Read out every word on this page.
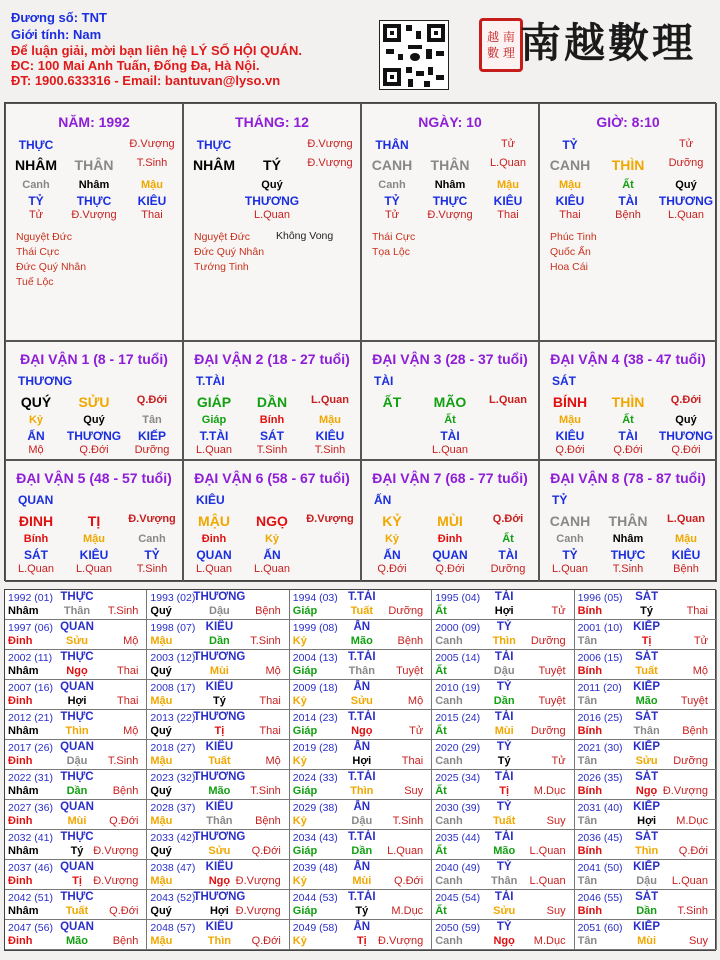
Đương số: TNT
Giới tính: Nam
Để luận giải, mời bạn liên hệ LÝ SỐ HỘI QUÁN.
ĐC: 100 Mai Anh Tuấn, Đống Đa, Hà Nội.
ĐT: 1900.633316 - Email: bantuvan@lyso.vn
越 南
數 理 南越數理
NĂM: 1992
THỰC	Đ.Vượng
NHÂM THÂN T.Sinh
Canh	Nhâm	Mậu
TỶ	THỰC KIÊU
Tử	Đ.Vượng Thai
Nguyệt Đức
Thái Cực
Đức Quý Nhân
Tuế Lộc
THÁNG: 12
THỰC	Đ.Vượng
NHÂM TÝ Đ.Vượng
Quý
THƯƠNG
L.Quan
Nguyệt Đức
Đức Quý Nhân
Tướng Tinh
Không Vong
NGÀY: 10
THÂN	Tử
CANH THÂN L.Quan
Canh	Nhâm	Mậu
TỶ	THỰC KIÊU
Tử	Đ.Vượng Thai
Thái Cực
Tọa Lộc
GIỜ: 8:10
TỶ	Tử
CANH THÌN Dưỡng
Mậu	Ất	Quý
KIÊU	TÀI THƯƠNG
Thai	Bệnh L.Quan
Phúc Tinh
Quốc Ấn
Hoa Cái
ĐẠI VẬN 1 (8 - 17 tuổi)
THƯƠNG
QUÝ SỬU Q.Đới
Kỷ	Quý	Tân
ẤN THƯƠNG KIẾP
Mộ	Q.Đới Dưỡng
ĐẠI VẬN 2 (18 - 27 tuổi)
T.TÀI
GIÁP DẦN L.Quan
Giáp	Bính	Mậu
T.TÀI	SÁT	KIÊU
L.Quan T.Sinh T.Sinh
ĐẠI VẬN 3 (28 - 37 tuổi)
TÀI
ẤT MÃO L.Quan
Ất
TÀI
L.Quan
ĐẠI VẬN 4 (38 - 47 tuổi)
SÁT
BÍNH THÌN Q.Đới
Mậu	Ất	Quý
KIÊU	TÀI THƯƠNG
Q.Đới	Q.Đới	Q.Đới
ĐẠI VẬN 5 (48 - 57 tuổi)
QUAN
ĐINH TỊ	Đ.Vượng
Bính	Mậu	Canh
SÁT	KIÊU	TỶ
L.Quan L.Quan T.Sinh
ĐẠI VẬN 6 (58 - 67 tuổi)
KIÊU
MẬU NGỌ Đ.Vượng
Đinh	Kỷ
QUAN	ẤN
L.Quan L.Quan
ĐẠI VẬN 7 (68 - 77 tuổi)
ẤN
KỶ	MÙI	Q.Đới
Kỷ	Đinh	Ất
ẤN	QUAN	TÀI
Q.Đới	Q.Đới Dưỡng
ĐẠI VẬN 8 (78 - 87 tuổi)
TỶ
CANH THÂN L.Quan
Canh	Nhâm	Mậu
TỶ	THỰC KIÊU
L.Quan T.Sinh	Bệnh
1992 (01) THỰC
Nhâm Thân T.Sinh
1993 (02)
THƯƠNG
Quý	Dậu Bệnh
1994 (03) T.TÀI
Giáp	Tuất Dưỡng
1995 (04) TÀI
Ất	Hợi	Tử
1996 (05) SÁT
Bính	Tý	Thai
1997 (06) QUAN
Đinh	Sửu	Mộ
1998 (07) KIÊU
Mậu	Dần T.Sinh
1999 (08) ẤN
Kỷ	Mão Bệnh
2000 (09) TỶ
Canh	Thìn Dưỡng
2001 (10) KIẾP
Tân	Tị	Tử
2002 (11) THỰC
Nhâm	Ngọ	Thai
2003 (12)
THƯƠNG
Quý	Mùi	Mộ
2004 (13) T.TÀI
Giáp	Thân Tuyệt
2005 (14) TÀI
Ất	Dậu Tuyệt
2006 (15) SÁT
Bính	Tuất	Mộ
2007 (16) QUAN
Đinh	Hợi	Thai
2008 (17) KIÊU
Mậu	Tý	Thai
2009 (18) ẤN
Kỷ	Sửu	Mộ
2010 (19) TỶ
Canh	Dần Tuyệt
2011 (20) KIẾP
Tân	Mão Tuyệt
2012 (21) THỰC
Nhâm Thìn	Mộ
2013 (22)
THƯƠNG
Quý	Tị	Thai
2014 (23) T.TÀI
Giáp	Ngọ	Tử
2015 (24) TÀI
Ất	Mùi Dưỡng
2016 (25) SÁT
Bính	Thân Bệnh
2017 (26) QUAN
Đinh	Dậu T.Sinh
2018 (27) KIÊU
Mậu	Tuất	Mộ
2019 (28) ẤN
Kỷ	Hợi	Thai
2020 (29) TỶ
Canh	Tý	Tử
2021 (30) KIẾP
Tân	Sửu Dưỡng
2022 (31) THỰC
Nhâm	Dần Bệnh
2023 (32)
THƯƠNG
Quý	Mão T.Sinh
2024 (33) T.TÀI
Giáp	Thìn	Suy
2025 (34) TÀI
Ất	Tị M.Dục
2026 (35) SÁT
Bính	Ngọ Đ.Vượng
2027 (36) QUAN
Đinh	Mùi Q.Đới
2028 (37) KIÊU
Mậu	Thân Bệnh
2029 (38) ẤN
Kỷ	Dậu T.Sinh
2030 (39) TỶ
Canh	Tuất	Suy
2031 (40) KIẾP
Tân	Hợi M.Dục
2032 (41) THỰC
Nhâm	Tý Đ.Vượng
2033 (42)
THƯƠNG
Quý	Sửu Q.Đới
2034 (43) T.TÀI
Giáp	Dần L.Quan
2035 (44) TÀI
Ất	Mão L.Quan
2036 (45) SÁT
Bính	Thìn Q.Đới
2037 (46) QUAN
Đinh	Tị Đ.Vượng
2038 (47) KIÊU
Mậu	Ngọ Đ.Vượng
2039 (48) ẤN
Kỷ	Mùi Q.Đới
2040 (49) TỶ
Canh	Thân L.Quan
2041 (50) KIẾP
Tân	Dậu L.Quan
2042 (51) THỰC
Nhâm Tuất Q.Đới
2043 (52)
THƯƠNG
Quý	Hợi Đ.Vượng
2044 (53) T.TÀI
Giáp	Tý M.Dục
2045 (54) TÀI
Ất	Sửu	Suy
2046 (55) SÁT
Bính	Dần T.Sinh
2047 (56) QUAN
Đinh	Mão Bệnh
2048 (57) KIÊU
Mậu	Thìn Q.Đới
2049 (58) ẤN
Kỷ	Tị Đ.Vượng
2050 (59) TỶ
Canh	Ngọ M.Dục
2051 (60) KIẾP
Tân	Mùi	Suy
